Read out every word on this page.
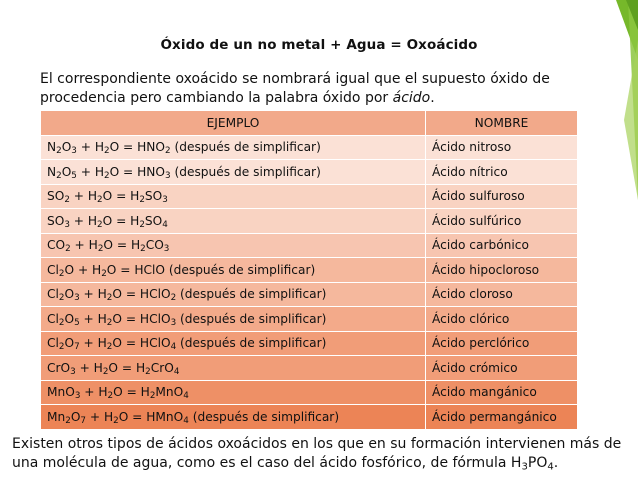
Óxido de un no metal + Agua = Oxoácido
El correspondiente oxoácido se nombrará igual que el supuesto óxido de procedencia pero cambiando la palabra óxido por ácido.
EJEMPLO	NOMBRE
$N_2O_3 + H_2O = HNO_2$ (después de simplificar)	Ácido nitroso
$N_2O_5 + H_2O = HNO_3$ (después de simplificar)	Ácido nítrico
$SO_2 + H_2O = H_2SO_3$	Ácido sulfuroso
$SO_3 + H_2O = H_2SO_4$	Ácido sulfúrico
$CO_2 + H_2O = H_2CO_3$	Ácido carbónico
$Cl_2O + H_2O$ = HClO (después de simplificar)	Ácido hipocloroso
$Cl_2O_3 + H_2O$ = HClO$_2$ (después de simplificar)	Ácido cloroso
$Cl_2O_5 + H_2O$ = HClO$_3$ (después de simplificar)	Ácido clórico
$Cl_2O_7 + H_2O$ = HClO$_4$ (después de simplificar)	Ácido perclórico
$CrO_3 + H_2O = H_2CrO_4$	Ácido crómico
$MnO_3 + H_2O = H_2MnO_4$	Ácido mangánico
$Mn_2O_7 + H_2O$ = HMnO$_4$ (después de simplificar)	Ácido permangánico
Existen otros tipos de ácidos oxoácidos en los que en su formación intervienen más de una molécula de agua, como es el caso del ácido fosfórico, de fórmula $H_3PO_4$.
